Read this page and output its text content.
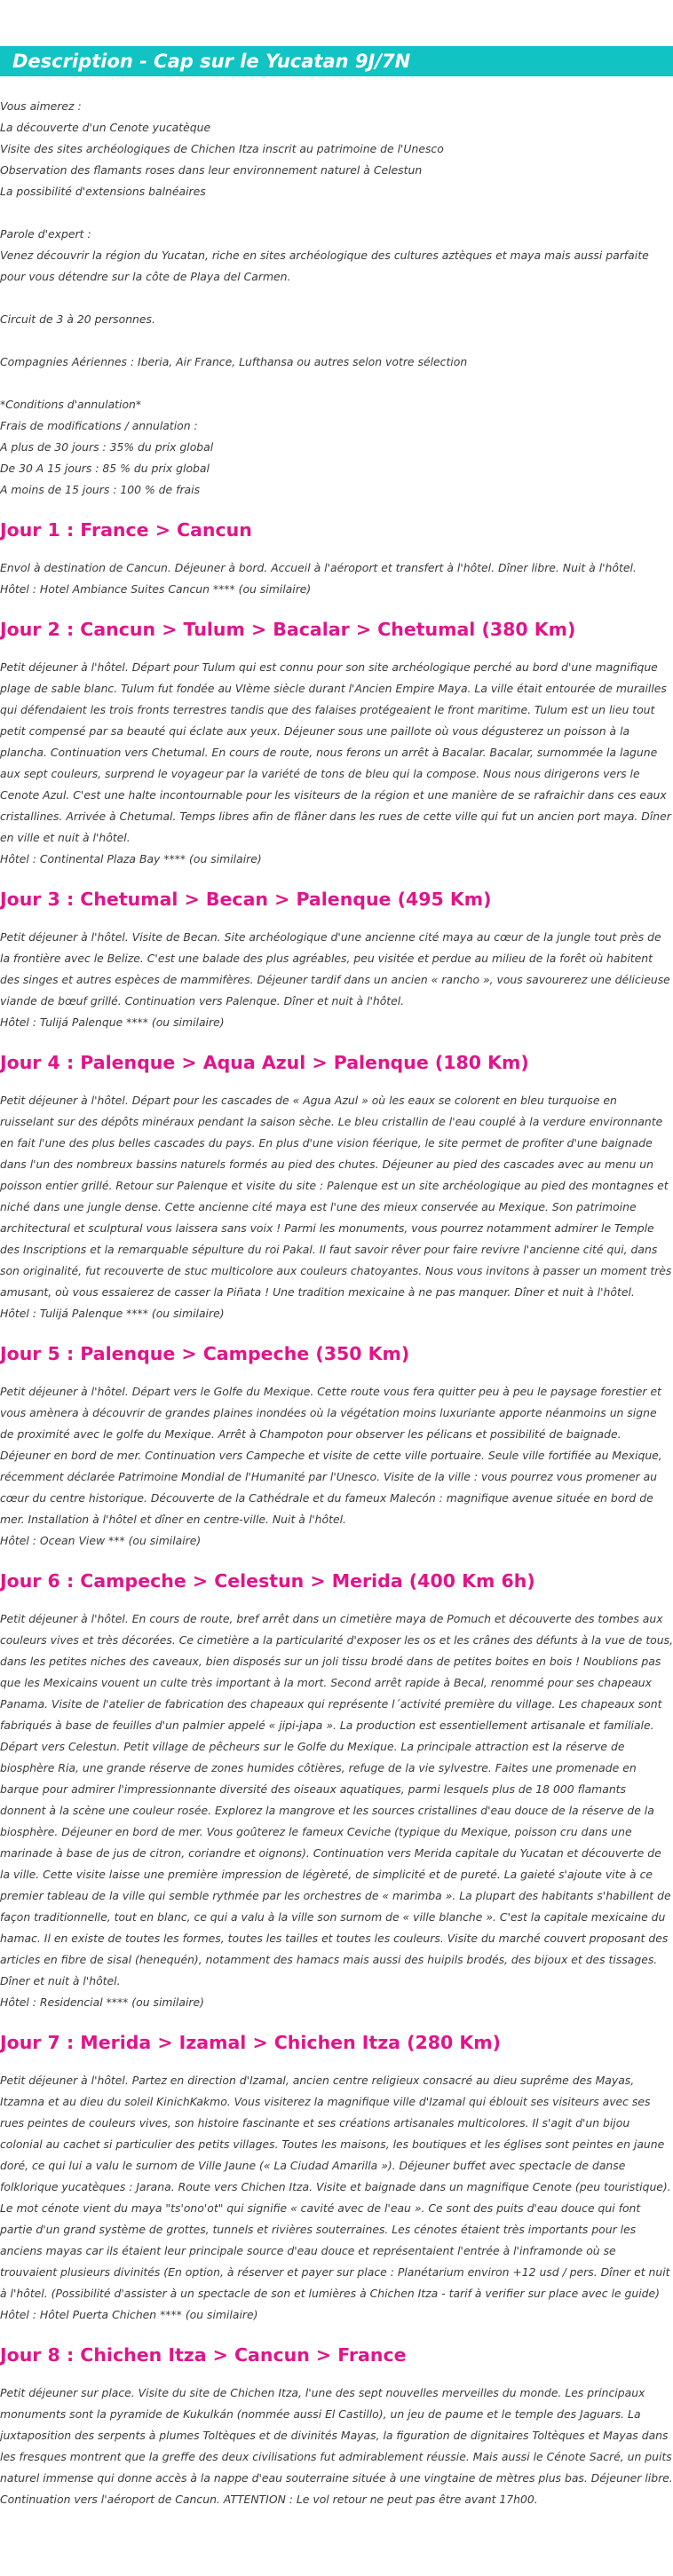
Description - Cap sur le Yucatan 9J/7N

Vous aimerez :

La découverte d'un Cenote yucatèque

Visite des sites archéologiques de Chichen Itza inscrit au patrimoine de l'Unesco

Observation des flamants roses dans leur environnement naturel à Celestun

La possibilité d'extensions balnéaires

Parole d'expert :

Venez découvrir la région du Yucatan, riche en sites archéologique des cultures aztèques et maya mais aussi parfaite pour vous détendre sur la côte de Playa del Carmen.

Circuit de 3 à 20 personnes.

Compagnies Aériennes : Iberia, Air France, Lufthansa ou autres selon votre sélection

*Conditions d'annulation*

Frais de modifications / annulation :

A plus de 30 jours : 35% du prix global

De 30 A 15 jours : 85 % du prix global

A moins de 15 jours : 100 % de frais

Jour 1 : France > Cancun

Envol à destination de Cancun. Déjeuner à bord. Accueil à l'aéroport et transfert à l'hôtel. Dîner libre. Nuit à l'hôtel.
Hôtel : Hotel Ambiance Suites Cancun **** (ou similaire)

Jour 2 : Cancun > Tulum > Bacalar > Chetumal (380 Km)

Petit déjeuner à l'hôtel. Départ pour Tulum qui est connu pour son site archéologique perché au bord d'une magnifique plage de sable blanc. Tulum fut fondée au VIème siècle durant l'Ancien Empire Maya. La ville était entourée de murailles qui défendaient les trois fronts terrestres tandis que des falaises protégeaient le front maritime. Tulum est un lieu tout petit compensé par sa beauté qui éclate aux yeux. Déjeuner sous une paillote où vous dégusterez un poisson à la plancha. Continuation vers Chetumal. En cours de route, nous ferons un arrêt à Bacalar. Bacalar, surnommée la lagune aux sept couleurs, surprend le voyageur par la variété de tons de bleu qui la compose. Nous nous dirigerons vers le Cenote Azul. C'est une halte incontournable pour les visiteurs de la région et une manière de se rafraichir dans ces eaux cristallines. Arrivée à Chetumal. Temps libres afin de flâner dans les rues de cette ville qui fut un ancien port maya. Dîner en ville et nuit à l'hôtel.
Hôtel : Continental Plaza Bay **** (ou similaire)

Jour 3 : Chetumal > Becan > Palenque (495 Km)

Petit déjeuner à l'hôtel. Visite de Becan. Site archéologique d'une ancienne cité maya au cœur de la jungle tout près de la frontière avec le Belize. C'est une balade des plus agréables, peu visitée et perdue au milieu de la forêt où habitent des singes et autres espèces de mammifères. Déjeuner tardif dans un ancien « rancho », vous savourerez une délicieuse viande de bœuf grillé. Continuation vers Palenque. Dîner et nuit à l'hôtel.
Hôtel : Tulijá Palenque **** (ou similaire)

Jour 4 : Palenque > Aqua Azul > Palenque (180 Km)

Petit déjeuner à l'hôtel. Départ pour les cascades de « Agua Azul » où les eaux se colorent en bleu turquoise en ruisselant sur des dépôts minéraux pendant la saison sèche. Le bleu cristallin de l'eau couplé à la verdure environnante en fait l'une des plus belles cascades du pays. En plus d'une vision féerique, le site permet de profiter d'une baignade dans l'un des nombreux bassins naturels formés au pied des chutes. Déjeuner au pied des cascades avec au menu un poisson entier grillé. Retour sur Palenque et visite du site : Palenque est un site archéologique au pied des montagnes et niché dans une jungle dense. Cette ancienne cité maya est l'une des mieux conservée au Mexique. Son patrimoine architectural et sculptural vous laissera sans voix ! Parmi les monuments, vous pourrez notamment admirer le Temple des Inscriptions et la remarquable sépulture du roi Pakal. Il faut savoir rêver pour faire revivre l'ancienne cité qui, dans son originalité, fut recouverte de stuc multicolore aux couleurs chatoyantes. Nous vous invitons à passer un moment très amusant, où vous essaierez de casser la Piñata ! Une tradition mexicaine à ne pas manquer. Dîner et nuit à l'hôtel.
Hôtel : Tulijá Palenque **** (ou similaire)

Jour 5 : Palenque > Campeche (350 Km)

Petit déjeuner à l'hôtel. Départ vers le Golfe du Mexique. Cette route vous fera quitter peu à peu le paysage forestier et vous amènera à découvrir de grandes plaines inondées où la végétation moins luxuriante apporte néanmoins un signe de proximité avec le golfe du Mexique. Arrêt à Champoton pour observer les pélicans et possibilité de baignade. Déjeuner en bord de mer. Continuation vers Campeche et visite de cette ville portuaire. Seule ville fortifiée au Mexique, récemment déclarée Patrimoine Mondial de l'Humanité par l'Unesco. Visite de la ville : vous pourrez vous promener au cœur du centre historique. Découverte de la Cathédrale et du fameux Malecón : magnifique avenue située en bord de mer. Installation à l'hôtel et dîner en centre-ville. Nuit à l'hôtel.
Hôtel : Ocean View *** (ou similaire)

Jour 6 : Campeche > Celestun > Merida (400 Km 6h)

Petit déjeuner à l'hôtel. En cours de route, bref arrêt dans un cimetière maya de Pomuch et découverte des tombes aux couleurs vives et très décorées. Ce cimetière a la particularité d'exposer les os et les crânes des défunts à la vue de tous, dans les petites niches des caveaux, bien disposés sur un joli tissu brodé dans de petites boites en bois ! Noublions pas que les Mexicains vouent un culte très important à la mort. Second arrêt rapide à Becal, renommé pour ses chapeaux Panama. Visite de l'atelier de fabrication des chapeaux qui représente l´activité première du village. Les chapeaux sont fabriqués à base de feuilles d'un palmier appelé « jipi-japa ». La production est essentiellement artisanale et familiale. Départ vers Celestun. Petit village de pêcheurs sur le Golfe du Mexique. La principale attraction est la réserve de biosphère Ria, une grande réserve de zones humides côtières, refuge de la vie sylvestre. Faites une promenade en barque pour admirer l'impressionnante diversité des oiseaux aquatiques, parmi lesquels plus de 18 000 flamants donnent à la scène une couleur rosée. Explorez la mangrove et les sources cristallines d'eau douce de la réserve de la biosphère. Déjeuner en bord de mer. Vous goûterez le fameux Ceviche (typique du Mexique, poisson cru dans une marinade à base de jus de citron, coriandre et oignons). Continuation vers Merida capitale du Yucatan et découverte de la ville. Cette visite laisse une première impression de légèreté, de simplicité et de pureté. La gaieté s'ajoute vite à ce premier tableau de la ville qui semble rythmée par les orchestres de « marimba ». La plupart des habitants s'habillent de façon traditionnelle, tout en blanc, ce qui a valu à la ville son surnom de « ville blanche ». C'est la capitale mexicaine du hamac. Il en existe de toutes les formes, toutes les tailles et toutes les couleurs. Visite du marché couvert proposant des articles en fibre de sisal (henequén), notamment des hamacs mais aussi des huipils brodés, des bijoux et des tissages. Dîner et nuit à l'hôtel.
Hôtel : Residencial **** (ou similaire)

Jour 7 : Merida > Izamal > Chichen Itza (280 Km)

Petit déjeuner à l'hôtel. Partez en direction d'Izamal, ancien centre religieux consacré au dieu suprême des Mayas, Itzamna et au dieu du soleil KinichKakmo. Vous visiterez la magnifique ville d'Izamal qui éblouit ses visiteurs avec ses rues peintes de couleurs vives, son histoire fascinante et ses créations artisanales multicolores. Il s'agit d'un bijou colonial au cachet si particulier des petits villages. Toutes les maisons, les boutiques et les églises sont peintes en jaune doré, ce qui lui a valu le surnom de Ville Jaune (« La Ciudad Amarilla »). Déjeuner buffet avec spectacle de danse folklorique yucatèques : Jarana. Route vers Chichen Itza. Visite et baignade dans un magnifique Cenote (peu touristique). Le mot cénote vient du maya "ts'ono'ot" qui signifie « cavité avec de l'eau ». Ce sont des puits d'eau douce qui font partie d'un grand système de grottes, tunnels et rivières souterraines. Les cénotes étaient très importants pour les anciens mayas car ils étaient leur principale source d'eau douce et représentaient l'entrée à l'inframonde où se trouvaient plusieurs divinités (En option, à réserver et payer sur place : Planétarium environ +12 usd / pers. Dîner et nuit à l'hôtel. (Possibilité d'assister à un spectacle de son et lumières à Chichen Itza - tarif à verifier sur place avec le guide)
Hôtel : Hôtel Puerta Chichen **** (ou similaire)

Jour 8 : Chichen Itza > Cancun > France

Petit déjeuner sur place. Visite du site de Chichen Itza, l'une des sept nouvelles merveilles du monde. Les principaux monuments sont la pyramide de Kukulkán (nommée aussi El Castillo), un jeu de paume et le temple des Jaguars. La juxtaposition des serpents à plumes Toltèques et de divinités Mayas, la figuration de dignitaires Toltèques et Mayas dans les fresques montrent que la greffe des deux civilisations fut admirablement réussie. Mais aussi le Cénote Sacré, un puits naturel immense qui donne accès à la nappe d'eau souterraine située à une vingtaine de mètres plus bas. Déjeuner libre. Continuation vers l'aéroport de Cancun. ATTENTION : Le vol retour ne peut pas être avant 17h00.
